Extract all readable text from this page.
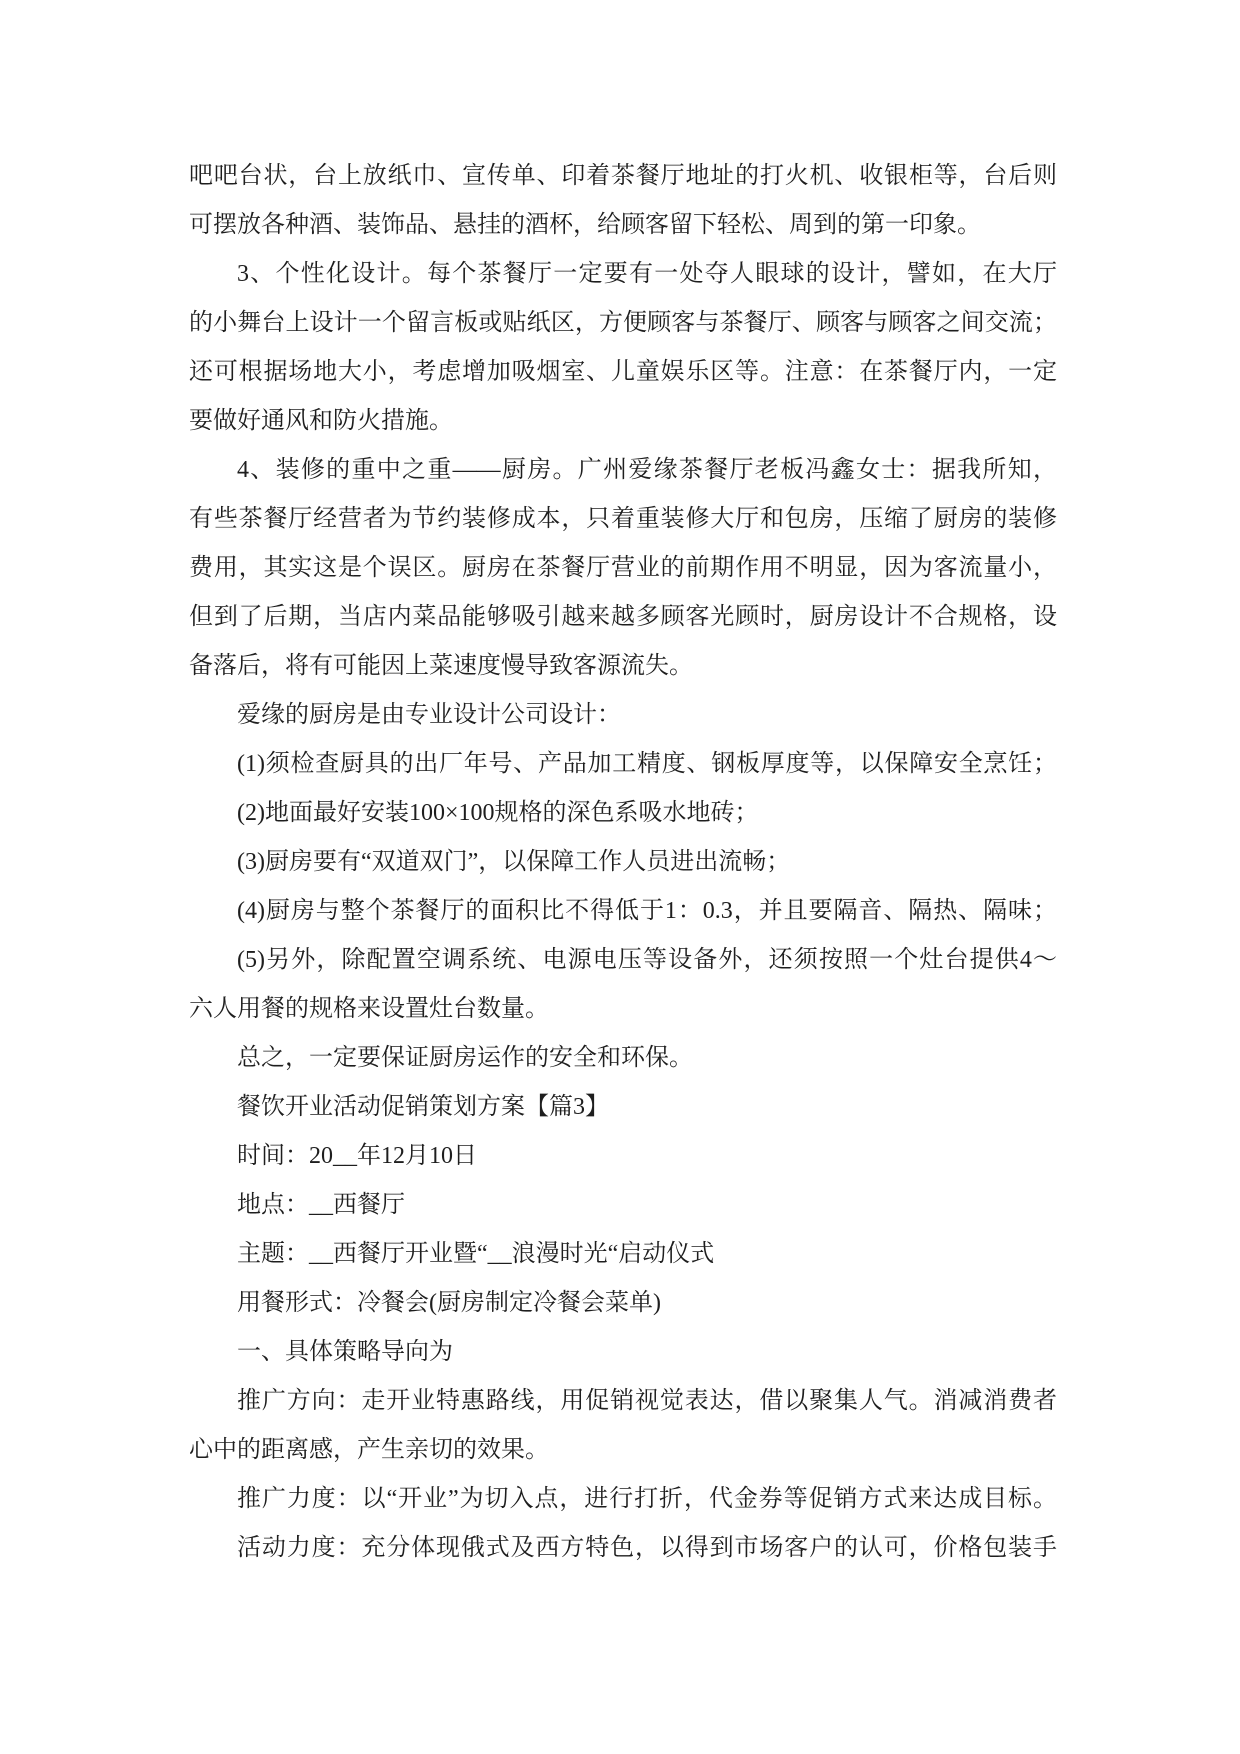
吧吧台状，台上放纸巾、宣传单、印着茶餐厅地址的打火机、收银柜等，台后则
可摆放各种酒、装饰品、悬挂的酒杯，给顾客留下轻松、周到的第一印象。
3、个性化设计。每个茶餐厅一定要有一处夺人眼球的设计，譬如，在大厅
的小舞台上设计一个留言板或贴纸区，方便顾客与茶餐厅、顾客与顾客之间交流；
还可根据场地大小，考虑增加吸烟室、儿童娱乐区等。注意：在茶餐厅内，一定
要做好通风和防火措施。
4、装修的重中之重——厨房。广州爱缘茶餐厅老板冯鑫女士：据我所知，
有些茶餐厅经营者为节约装修成本，只着重装修大厅和包房，压缩了厨房的装修
费用，其实这是个误区。厨房在茶餐厅营业的前期作用不明显，因为客流量小，
但到了后期，当店内菜品能够吸引越来越多顾客光顾时，厨房设计不合规格，设
备落后，将有可能因上菜速度慢导致客源流失。
爱缘的厨房是由专业设计公司设计：
(1)须检查厨具的出厂年号、产品加工精度、钢板厚度等，以保障安全烹饪；
(2)地面最好安装100×100规格的深色系吸水地砖；
(3)厨房要有“双道双门”，以保障工作人员进出流畅；
(4)厨房与整个茶餐厅的面积比不得低于1：0.3，并且要隔音、隔热、隔味；
(5)另外，除配置空调系统、电源电压等设备外，还须按照一个灶台提供4～
六人用餐的规格来设置灶台数量。
总之，一定要保证厨房运作的安全和环保。
餐饮开业活动促销策划方案【篇3】
时间：20__年12月10日
地点：__西餐厅
主题：__西餐厅开业暨“__浪漫时光“启动仪式
用餐形式：冷餐会(厨房制定冷餐会菜单)
一、具体策略导向为
推广方向：走开业特惠路线，用促销视觉表达，借以聚集人气。消减消费者
心中的距离感，产生亲切的效果。
推广力度：以“开业”为切入点，进行打折，代金券等促销方式来达成目标。
活动力度：充分体现俄式及西方特色，以得到市场客户的认可，价格包装手
